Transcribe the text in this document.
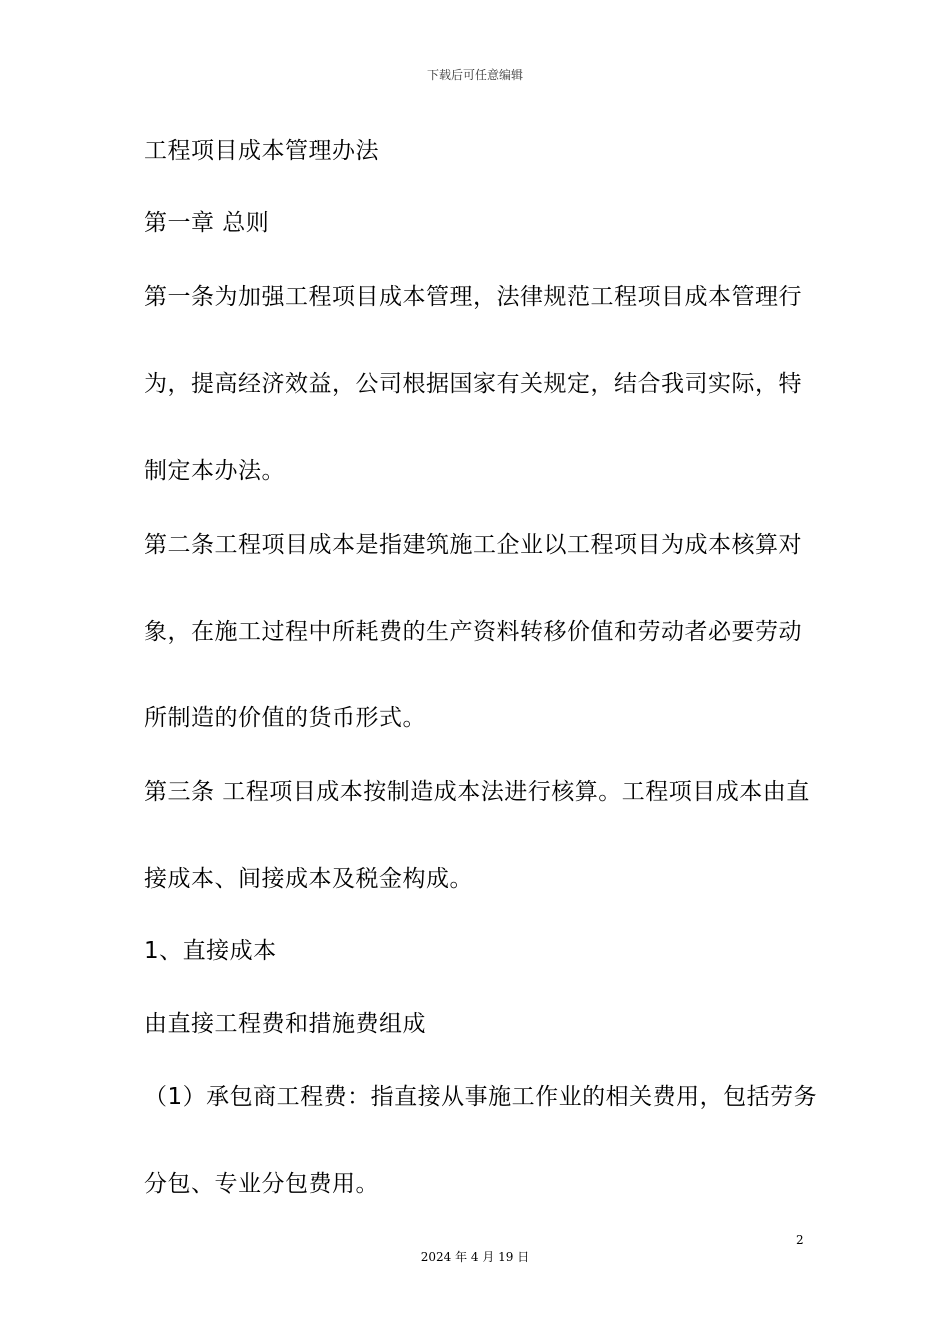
下载后可任意编辑
工程项目成本管理办法
第一章 总则
第一条为加强工程项目成本管理，法律规范工程项目成本管理行
为，提高经济效益，公司根据国家有关规定，结合我司实际，特
制定本办法。
第二条工程项目成本是指建筑施工企业以工程项目为成本核算对
象，在施工过程中所耗费的生产资料转移价值和劳动者必要劳动
所制造的价值的货币形式。
第三条 工程项目成本按制造成本法进行核算。工程项目成本由直
接成本、间接成本及税金构成。
1、直接成本
由直接工程费和措施费组成
（1）承包商工程费：指直接从事施工作业的相关费用，包括劳务
分包、专业分包费用。
2
2024 年 4 月 19 日
